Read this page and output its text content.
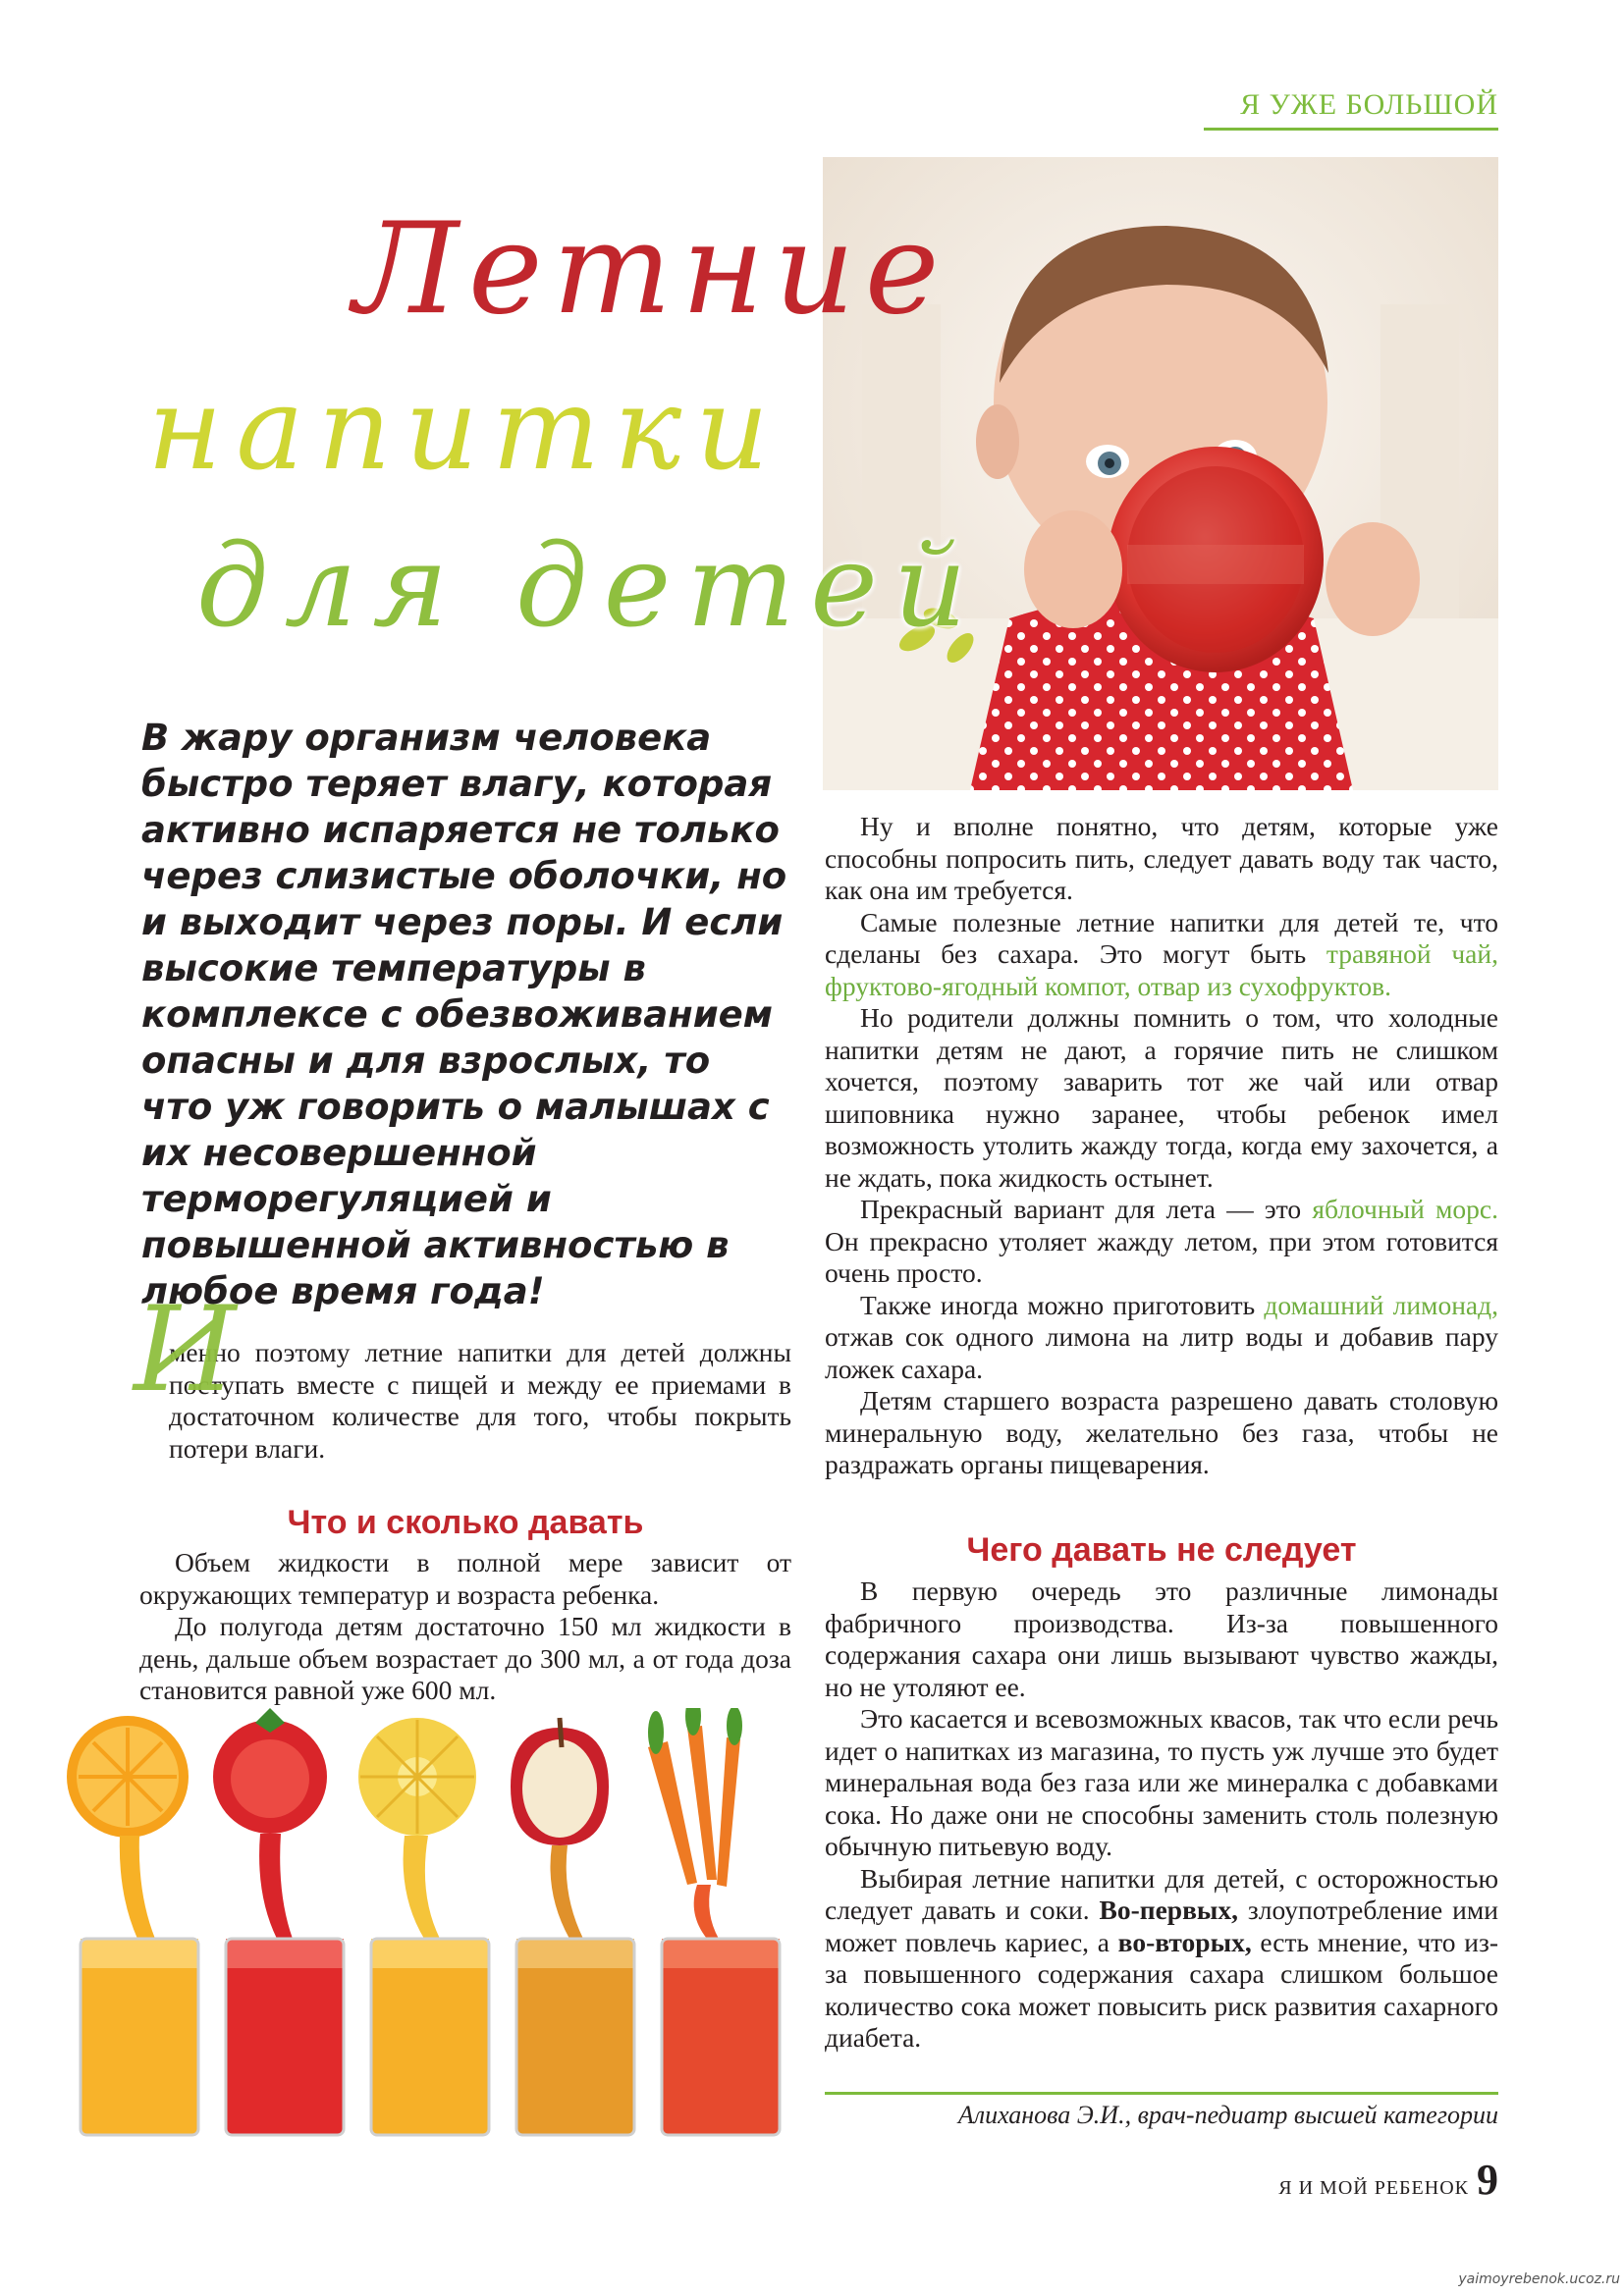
Я УЖЕ БОЛЬШОЙ
Летние
напитки
для детей
В жару организм человека быстро теряет влагу, которая активно испаряется не только через слизистые оболочки, но и выходит через поры. И если высокие температуры в комплексе с обезвоживанием опасны и для взрослых, то что уж говорить о малышах с их несовершенной терморегуляцией и повышенной активностью в любое время года!

И
менно поэтому летние напитки для детей должны поступать вместе с пищей и между ее приемами в достаточном количестве для того, чтобы покрыть потери влаги.

Что и сколько давать

Объем жидкости в полной мере зависит от окружающих температур и возраста ребенка.

До полугода детям достаточно 150 мл жидкости в день, дальше объем возрастает до 300 мл, а от года доза становится равной уже 600 мл.

Ну и вполне понятно, что детям, которые уже способны попросить пить, следует давать воду так часто, как она им требуется.

Самые полезные летние напитки для детей те, что сделаны без сахара. Это могут быть травяной чай, фруктово-ягодный компот, отвар из сухофруктов.

Но родители должны помнить о том, что холодные напитки детям не дают, а горячие пить не слишком хочется, поэтому заварить тот же чай или отвар шиповника нужно заранее, чтобы ребенок имел возможность утолить жажду тогда, когда ему захочется, а не ждать, пока жидкость остынет.

Прекрасный вариант для лета — это яблочный морс. Он прекрасно утоляет жажду летом, при этом готовится очень просто.

Также иногда можно приготовить домашний лимонад, отжав сок одного лимона на литр воды и добавив пару ложек сахара.

Детям старшего возраста разрешено давать столовую минеральную воду, желательно без газа, чтобы не раздражать органы пищеварения.

Чего давать не следует

В первую очередь это различные лимонады фабричного производства. Из-за повышенного содержания сахара они лишь вызывают чувство жажды, но не утоляют ее.

Это касается и всевозможных квасов, так что если речь идет о напитках из магазина, то пусть уж лучше это будет минеральная вода без газа или же минералка с добавками сока. Но даже они не способны заменить столь полезную обычную питьевую воду.

Выбирая летние напитки для детей, с осторожностью следует давать и соки. Во-первых, злоупотребление ими может повлечь кариес, а во-вторых, есть мнение, что из-за повышенного содержания сахара слишком большое количество сока может повысить риск развития сахарного диабета.

Алиханова Э.И., врач-педиатр высшей категории
Я И МОЙ РЕБЕНОК 9
yaimoyrebenok.ucoz.ru
